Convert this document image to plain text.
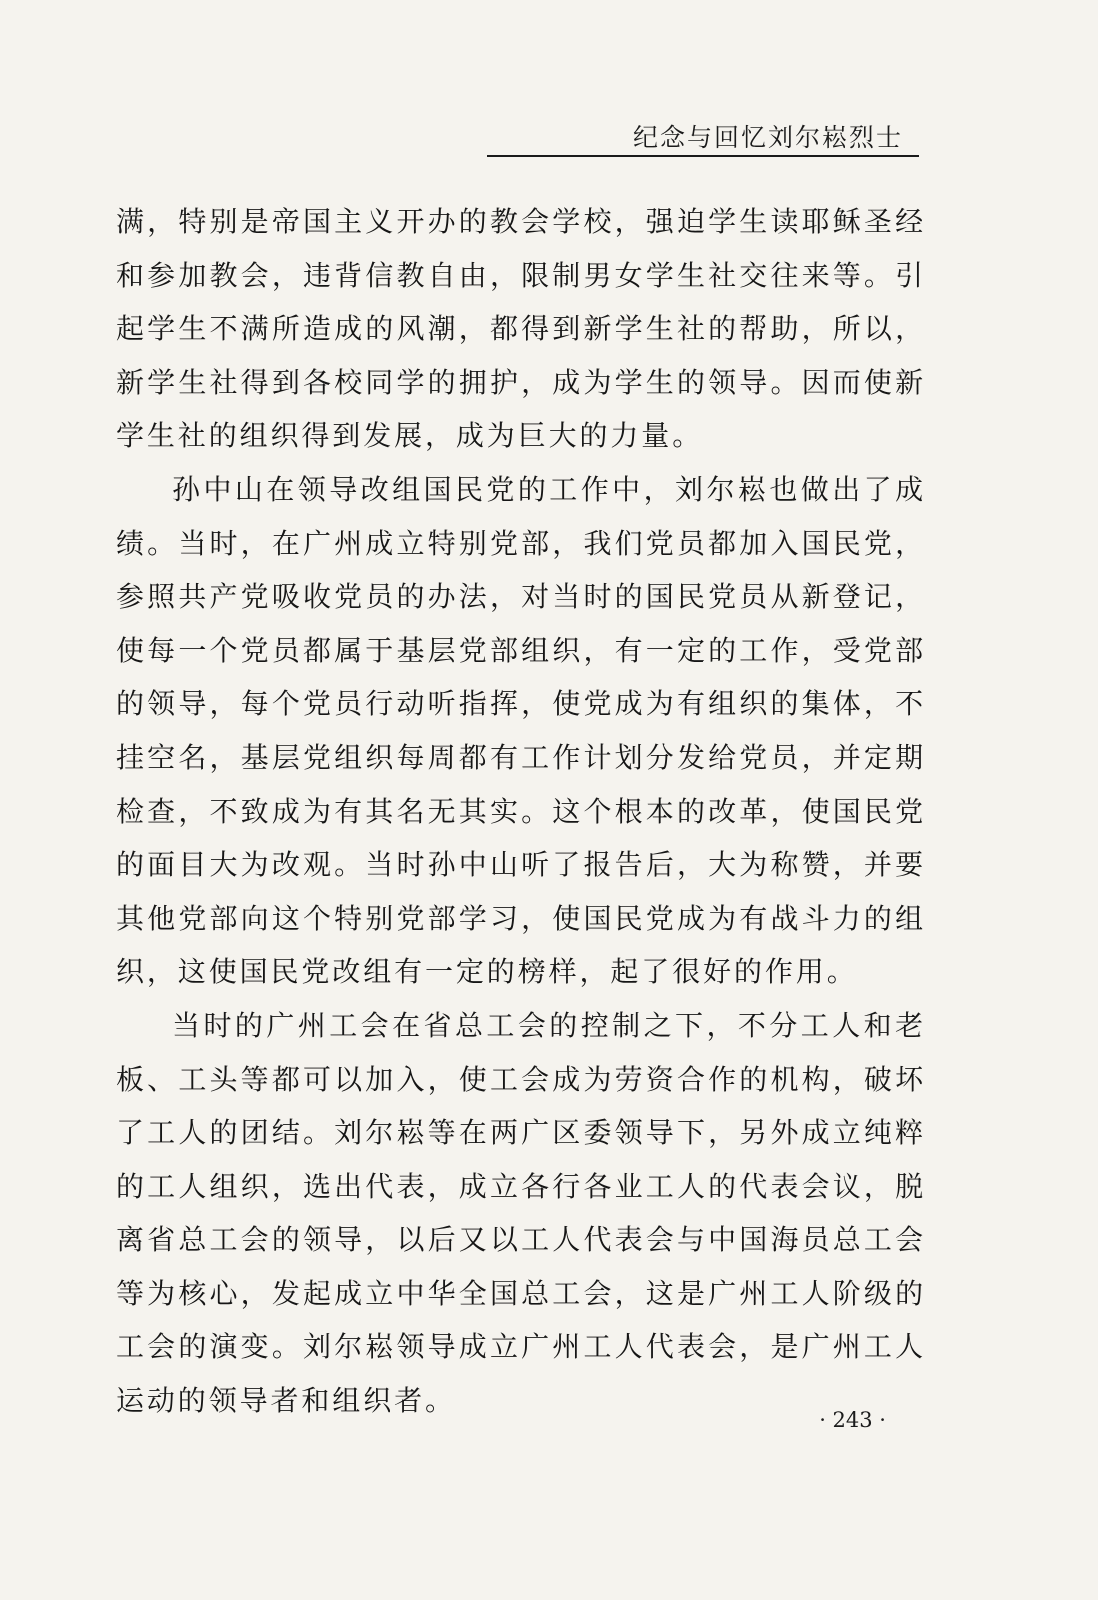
纪念与回忆刘尔崧烈士

满，特别是帝国主义开办的教会学校，强迫学生读耶稣圣经和参加教会，违背信教自由，限制男女学生社交往来等。引起学生不满所造成的风潮，都得到新学生社的帮助，所以，新学生社得到各校同学的拥护，成为学生的领导。因而使新学生社的组织得到发展，成为巨大的力量。

孙中山在领导改组国民党的工作中，刘尔崧也做出了成绩。当时，在广州成立特别党部，我们党员都加入国民党，参照共产党吸收党员的办法，对当时的国民党员从新登记，使每一个党员都属于基层党部组织，有一定的工作，受党部的领导，每个党员行动听指挥，使党成为有组织的集体，不挂空名，基层党组织每周都有工作计划分发给党员，并定期检查，不致成为有其名无其实。这个根本的改革，使国民党的面目大为改观。当时孙中山听了报告后，大为称赞，并要其他党部向这个特别党部学习，使国民党成为有战斗力的组织，这使国民党改组有一定的榜样，起了很好的作用。

当时的广州工会在省总工会的控制之下，不分工人和老板、工头等都可以加入，使工会成为劳资合作的机构，破坏了工人的团结。刘尔崧等在两广区委领导下，另外成立纯粹的工人组织，选出代表，成立各行各业工人的代表会议，脱离省总工会的领导，以后又以工人代表会与中国海员总工会等为核心，发起成立中华全国总工会，这是广州工人阶级的工会的演变。刘尔崧领导成立广州工人代表会，是广州工人运动的领导者和组织者。

· 243 ·
